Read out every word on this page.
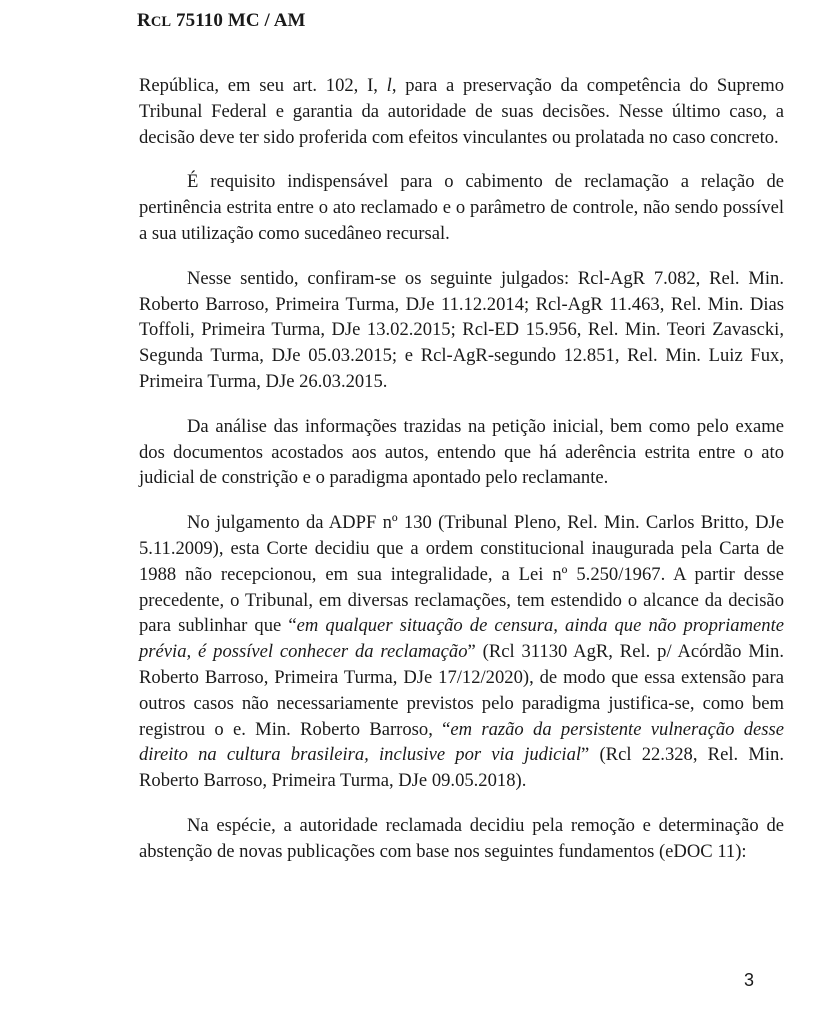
RCL 75110 MC / AM

República, em seu art. 102, I, l, para a preservação da competência do Supremo Tribunal Federal e garantia da autoridade de suas decisões. Nesse último caso, a decisão deve ter sido proferida com efeitos vinculantes ou prolatada no caso concreto.

É requisito indispensável para o cabimento de reclamação a relação de pertinência estrita entre o ato reclamado e o parâmetro de controle, não sendo possível a sua utilização como sucedâneo recursal.

Nesse sentido, confiram-se os seguinte julgados: Rcl-AgR 7.082, Rel. Min. Roberto Barroso, Primeira Turma, DJe 11.12.2014; Rcl-AgR 11.463, Rel. Min. Dias Toffoli, Primeira Turma, DJe 13.02.2015; Rcl-ED 15.956, Rel. Min. Teori Zavascki, Segunda Turma, DJe 05.03.2015; e Rcl-AgR-segundo 12.851, Rel. Min. Luiz Fux, Primeira Turma, DJe 26.03.2015.

Da análise das informações trazidas na petição inicial, bem como pelo exame dos documentos acostados aos autos, entendo que há aderência estrita entre o ato judicial de constrição e o paradigma apontado pelo reclamante.

No julgamento da ADPF nº 130 (Tribunal Pleno, Rel. Min. Carlos Britto, DJe 5.11.2009), esta Corte decidiu que a ordem constitucional inaugurada pela Carta de 1988 não recepcionou, em sua integralidade, a Lei nº 5.250/1967. A partir desse precedente, o Tribunal, em diversas reclamações, tem estendido o alcance da decisão para sublinhar que “em qualquer situação de censura, ainda que não propriamente prévia, é possível conhecer da reclamação” (Rcl 31130 AgR, Rel. p/ Acórdão Min. Roberto Barroso, Primeira Turma, DJe 17/12/2020), de modo que essa extensão para outros casos não necessariamente previstos pelo paradigma justifica-se, como bem registrou o e. Min. Roberto Barroso, “em razão da persistente vulneração desse direito na cultura brasileira, inclusive por via judicial” (Rcl 22.328, Rel. Min. Roberto Barroso, Primeira Turma, DJe 09.05.2018).

Na espécie, a autoridade reclamada decidiu pela remoção e determinação de abstenção de novas publicações com base nos seguintes fundamentos (eDOC 11):

3
